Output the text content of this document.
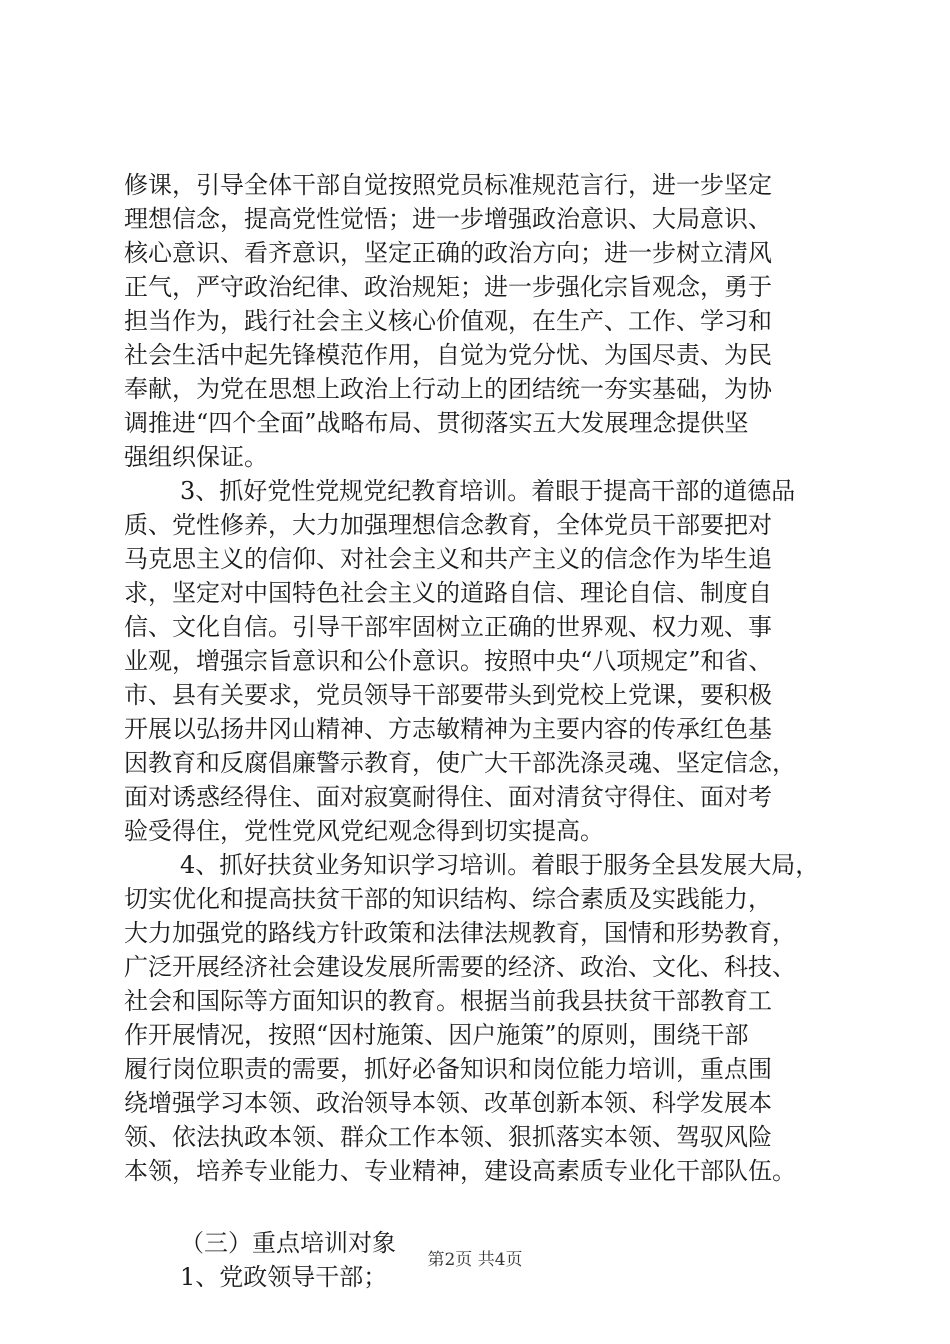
修课，引导全体干部自觉按照党员标准规范言行，进一步坚定
理想信念，提高党性觉悟；进一步增强政治意识、大局意识、
核心意识、看齐意识，坚定正确的政治方向；进一步树立清风
正气，严守政治纪律、政治规矩；进一步强化宗旨观念，勇于
担当作为，践行社会主义核心价值观，在生产、工作、学习和
社会生活中起先锋模范作用，自觉为党分忧、为国尽责、为民
奉献，为党在思想上政治上行动上的团结统一夯实基础，为协
调推进“四个全面”战略布局、贯彻落实五大发展理念提供坚
强组织保证。
3、抓好党性党规党纪教育培训。着眼于提高干部的道德品
质、党性修养，大力加强理想信念教育，全体党员干部要把对
马克思主义的信仰、对社会主义和共产主义的信念作为毕生追
求，坚定对中国特色社会主义的道路自信、理论自信、制度自
信、文化自信。引导干部牢固树立正确的世界观、权力观、事
业观，增强宗旨意识和公仆意识。按照中央“八项规定”和省、
市、县有关要求，党员领导干部要带头到党校上党课，要积极
开展以弘扬井冈山精神、方志敏精神为主要内容的传承红色基
因教育和反腐倡廉警示教育，使广大干部洗涤灵魂、坚定信念，
面对诱惑经得住、面对寂寞耐得住、面对清贫守得住、面对考
验受得住，党性党风党纪观念得到切实提高。
4、抓好扶贫业务知识学习培训。着眼于服务全县发展大局，
切实优化和提高扶贫干部的知识结构、综合素质及实践能力，
大力加强党的路线方针政策和法律法规教育，国情和形势教育，
广泛开展经济社会建设发展所需要的经济、政治、文化、科技、
社会和国际等方面知识的教育。根据当前我县扶贫干部教育工
作开展情况，按照“因村施策、因户施策”的原则，围绕干部
履行岗位职责的需要，抓好必备知识和岗位能力培训，重点围
绕增强学习本领、政治领导本领、改革创新本领、科学发展本
领、依法执政本领、群众工作本领、狠抓落实本领、驾驭风险
本领，培养专业能力、专业精神，建设高素质专业化干部队伍。
（三）重点培训对象
1、党政领导干部；
第2页 共4页
